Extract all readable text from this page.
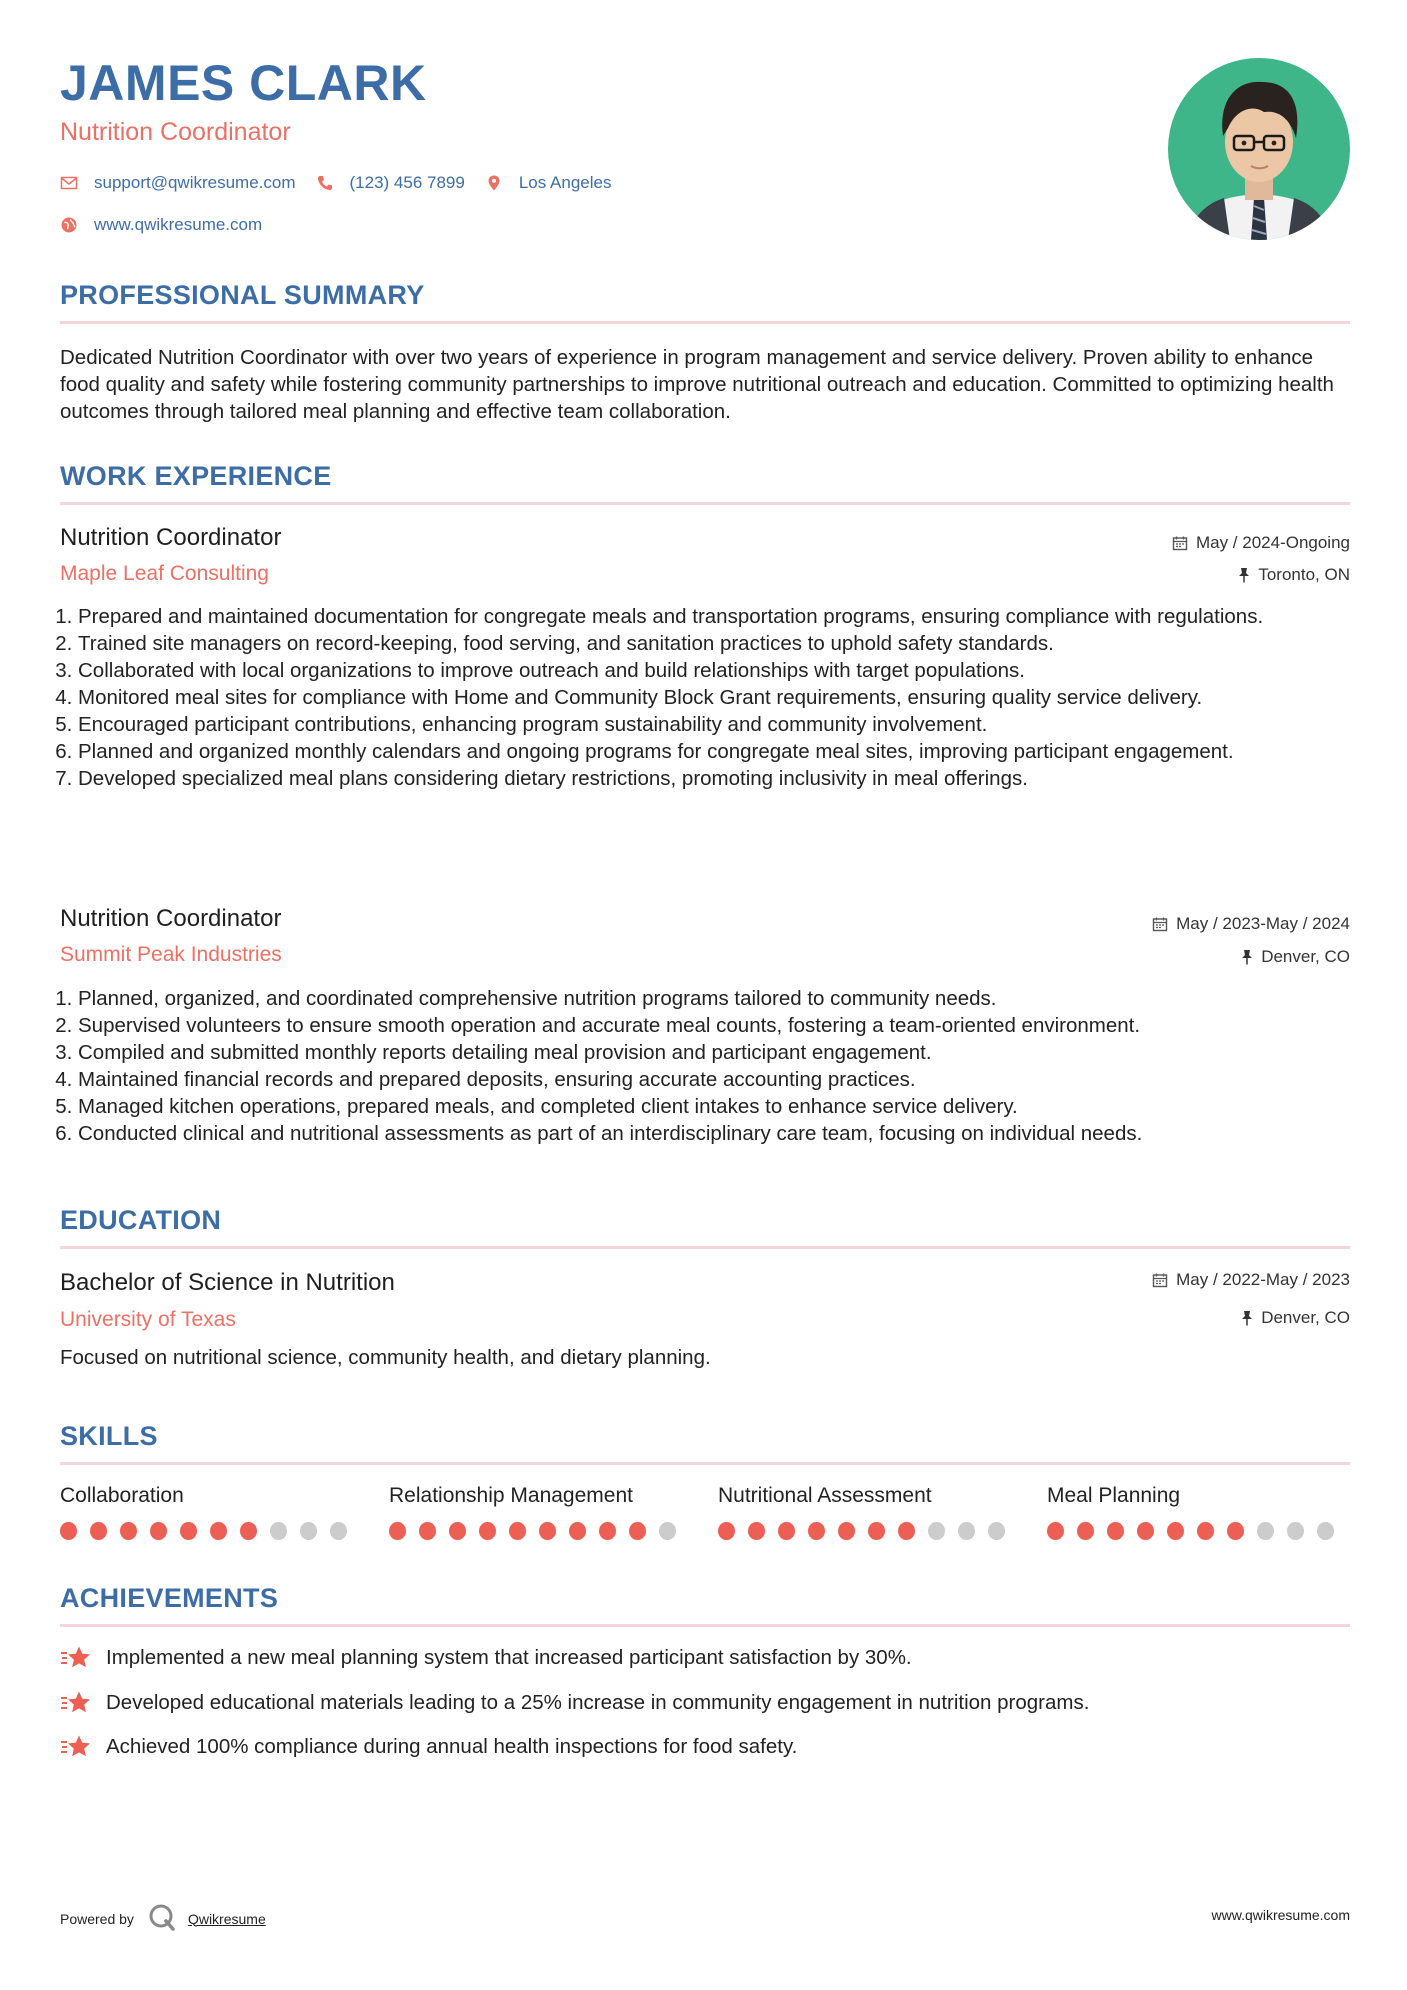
JAMES CLARK
Nutrition Coordinator
support@qwikresume.com	(123) 456 7899	Los Angeles
www.qwikresume.com
PROFESSIONAL SUMMARY

Dedicated Nutrition Coordinator with over two years of experience in program management and service delivery. Proven ability to enhance food quality and safety while fostering community partnerships to improve nutritional outreach and education. Committed to optimizing health outcomes through tailored meal planning and effective team collaboration.

WORK EXPERIENCE
Nutrition Coordinator
Maple Leaf Consulting
May / 2024-Ongoing
Toronto, ON
1. Prepared and maintained documentation for congregate meals and transportation programs, ensuring compliance with regulations.
2. Trained site managers on record-keeping, food serving, and sanitation practices to uphold safety standards.
3. Collaborated with local organizations to improve outreach and build relationships with target populations.
4. Monitored meal sites for compliance with Home and Community Block Grant requirements, ensuring quality service delivery.
5. Encouraged participant contributions, enhancing program sustainability and community involvement.
6. Planned and organized monthly calendars and ongoing programs for congregate meal sites, improving participant engagement.
7. Developed specialized meal plans considering dietary restrictions, promoting inclusivity in meal offerings.
Nutrition Coordinator
Summit Peak Industries
May / 2023-May / 2024
Denver, CO
1. Planned, organized, and coordinated comprehensive nutrition programs tailored to community needs.
2. Supervised volunteers to ensure smooth operation and accurate meal counts, fostering a team-oriented environment.
3. Compiled and submitted monthly reports detailing meal provision and participant engagement.
4. Maintained financial records and prepared deposits, ensuring accurate accounting practices.
5. Managed kitchen operations, prepared meals, and completed client intakes to enhance service delivery.
6. Conducted clinical and nutritional assessments as part of an interdisciplinary care team, focusing on individual needs.
EDUCATION
Bachelor of Science in Nutrition
University of Texas
May / 2022-May / 2023
Denver, CO

Focused on nutritional science, community health, and dietary planning.

SKILLS
Collaboration	Relationship Management	Nutritional Assessment	Meal Planning
ACHIEVEMENTS
Implemented a new meal planning system that increased participant satisfaction by 30%.
Developed educational materials leading to a 25% increase in community engagement in nutrition programs.
Achieved 100% compliance during annual health inspections for food safety.
Powered by	Qwikresume	www.qwikresume.com
